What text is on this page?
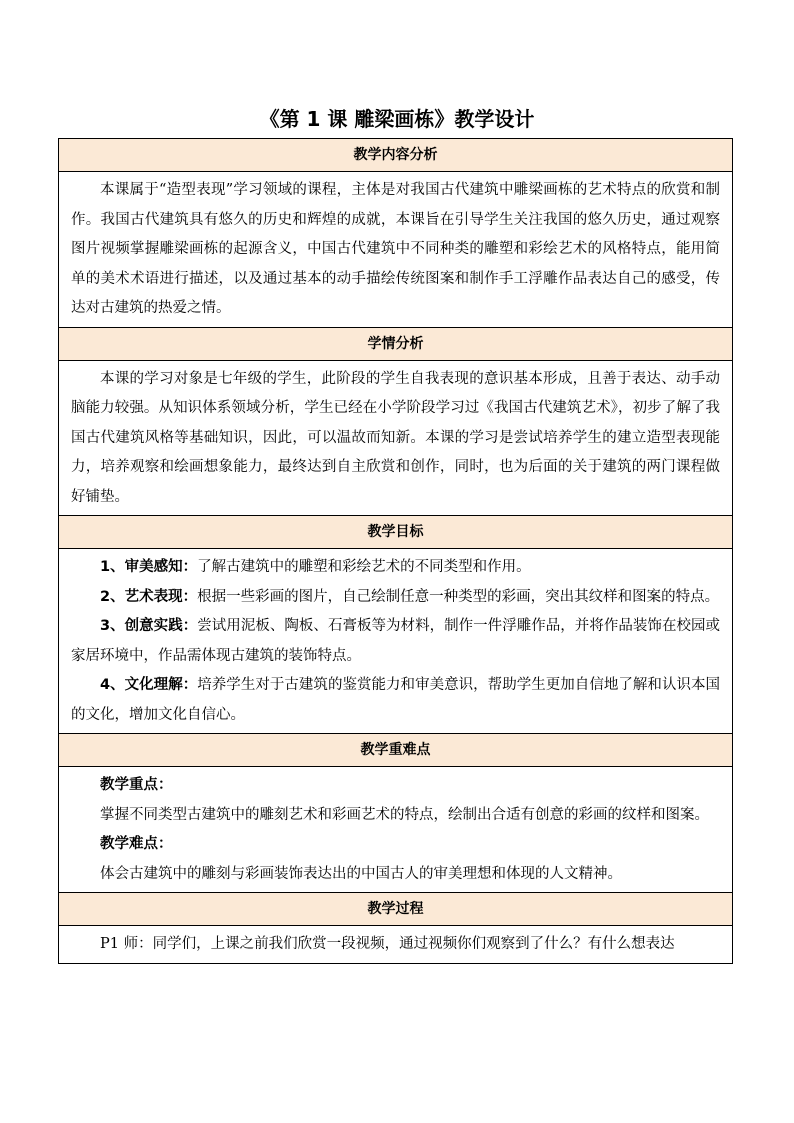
《第 1 课 雕梁画栋》教学设计
教学内容分析

本课属于“造型表现”学习领域的课程，主体是对我国古代建筑中雕梁画栋的艺术特点的欣赏和制作。我国古代建筑具有悠久的历史和辉煌的成就，本课旨在引导学生关注我国的悠久历史，通过观察图片视频掌握雕梁画栋的起源含义，中国古代建筑中不同种类的雕塑和彩绘艺术的风格特点，能用简单的美术术语进行描述，以及通过基本的动手描绘传统图案和制作手工浮雕作品表达自己的感受，传达对古建筑的热爱之情。

学情分析

本课的学习对象是七年级的学生，此阶段的学生自我表现的意识基本形成，且善于表达、动手动脑能力较强。从知识体系领域分析，学生已经在小学阶段学习过《我国古代建筑艺术》，初步了解了我国古代建筑风格等基础知识，因此，可以温故而知新。本课的学习是尝试培养学生的建立造型表现能力，培养观察和绘画想象能力，最终达到自主欣赏和创作，同时，也为后面的关于建筑的两门课程做好铺垫。

教学目标

1、审美感知：了解古建筑中的雕塑和彩绘艺术的不同类型和作用。

2、艺术表现：根据一些彩画的图片，自己绘制任意一种类型的彩画，突出其纹样和图案的特点。

3、创意实践：尝试用泥板、陶板、石膏板等为材料，制作一件浮雕作品，并将作品装饰在校园或家居环境中，作品需体现古建筑的装饰特点。

4、文化理解：培养学生对于古建筑的鉴赏能力和审美意识，帮助学生更加自信地了解和认识本国的文化，增加文化自信心。

教学重难点

教学重点：

掌握不同类型古建筑中的雕刻艺术和彩画艺术的特点，绘制出合适有创意的彩画的纹样和图案。

教学难点：

体会古建筑中的雕刻与彩画装饰表达出的中国古人的审美理想和体现的人文精神。

教学过程

P1 师：同学们，上课之前我们欣赏一段视频，通过视频你们观察到了什么？有什么想表达
